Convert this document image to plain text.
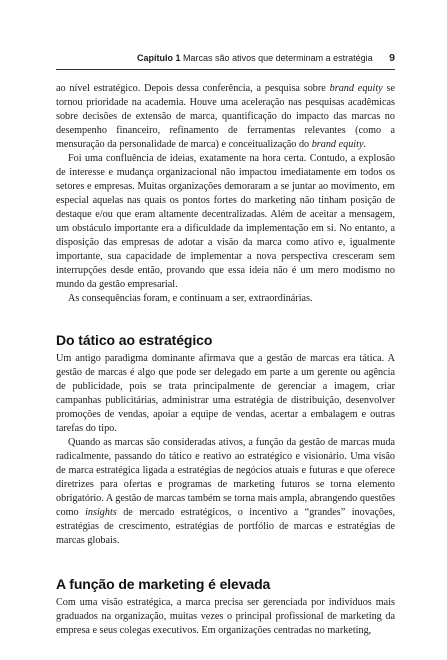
Capítulo 1 Marcas são ativos que determinam a estratégia 9

ao nível estratégico. Depois dessa conferência, a pesquisa sobre brand equity se tornou prioridade na academia. Houve uma aceleração nas pesquisas acadêmicas sobre decisões de extensão de marca, quantificação do impacto das marcas no desempenho financeiro, refinamento de ferramentas relevantes (como a mensuração da personalidade de marca) e conceitualização do brand equity.

Foi uma confluência de ideias, exatamente na hora certa. Contudo, a explosão de interesse e mudança organizacional não impactou imediatamente em todos os setores e empresas. Muitas organizações demoraram a se juntar ao movimento, em especial aquelas nas quais os pontos fortes do marketing não tinham posição de destaque e/ou que eram altamente decentralizadas. Além de aceitar a mensagem, um obstáculo importante era a dificuldade da implementação em si. No entanto, a disposição das empresas de adotar a visão da marca como ativo e, igualmente importante, sua capacidade de implementar a nova perspectiva cresceram sem interrupções desde então, provando que essa ideia não é um mero modismo no mundo da gestão empresarial.

As consequências foram, e continuam a ser, extraordinárias.

Do tático ao estratégico

Um antigo paradigma dominante afirmava que a gestão de marcas era tática. A gestão de marcas é algo que pode ser delegado em parte a um gerente ou agência de publicidade, pois se trata principalmente de gerenciar a imagem, criar campanhas publicitárias, administrar uma estratégia de distribuição, desenvolver promoções de vendas, apoiar a equipe de vendas, acertar a embalagem e outras tarefas do tipo.

Quando as marcas são consideradas ativos, a função da gestão de marcas muda radicalmente, passando do tático e reativo ao estratégico e visionário. Uma visão de marca estratégica ligada a estratégias de negócios atuais e futuras e que oferece diretrizes para ofertas e programas de marketing futuros se torna elemento obrigatório. A gestão de marcas também se torna mais ampla, abrangendo questões como insights de mercado estratégicos, o incentivo a “grandes” inovações, estratégias de crescimento, estratégias de portfólio de marcas e estratégias de marcas globais.

A função de marketing é elevada

Com uma visão estratégica, a marca precisa ser gerenciada por indivíduos mais graduados na organização, muitas vezes o principal profissional de marketing da empresa e seus colegas executivos. Em organizações centradas no marketing,
